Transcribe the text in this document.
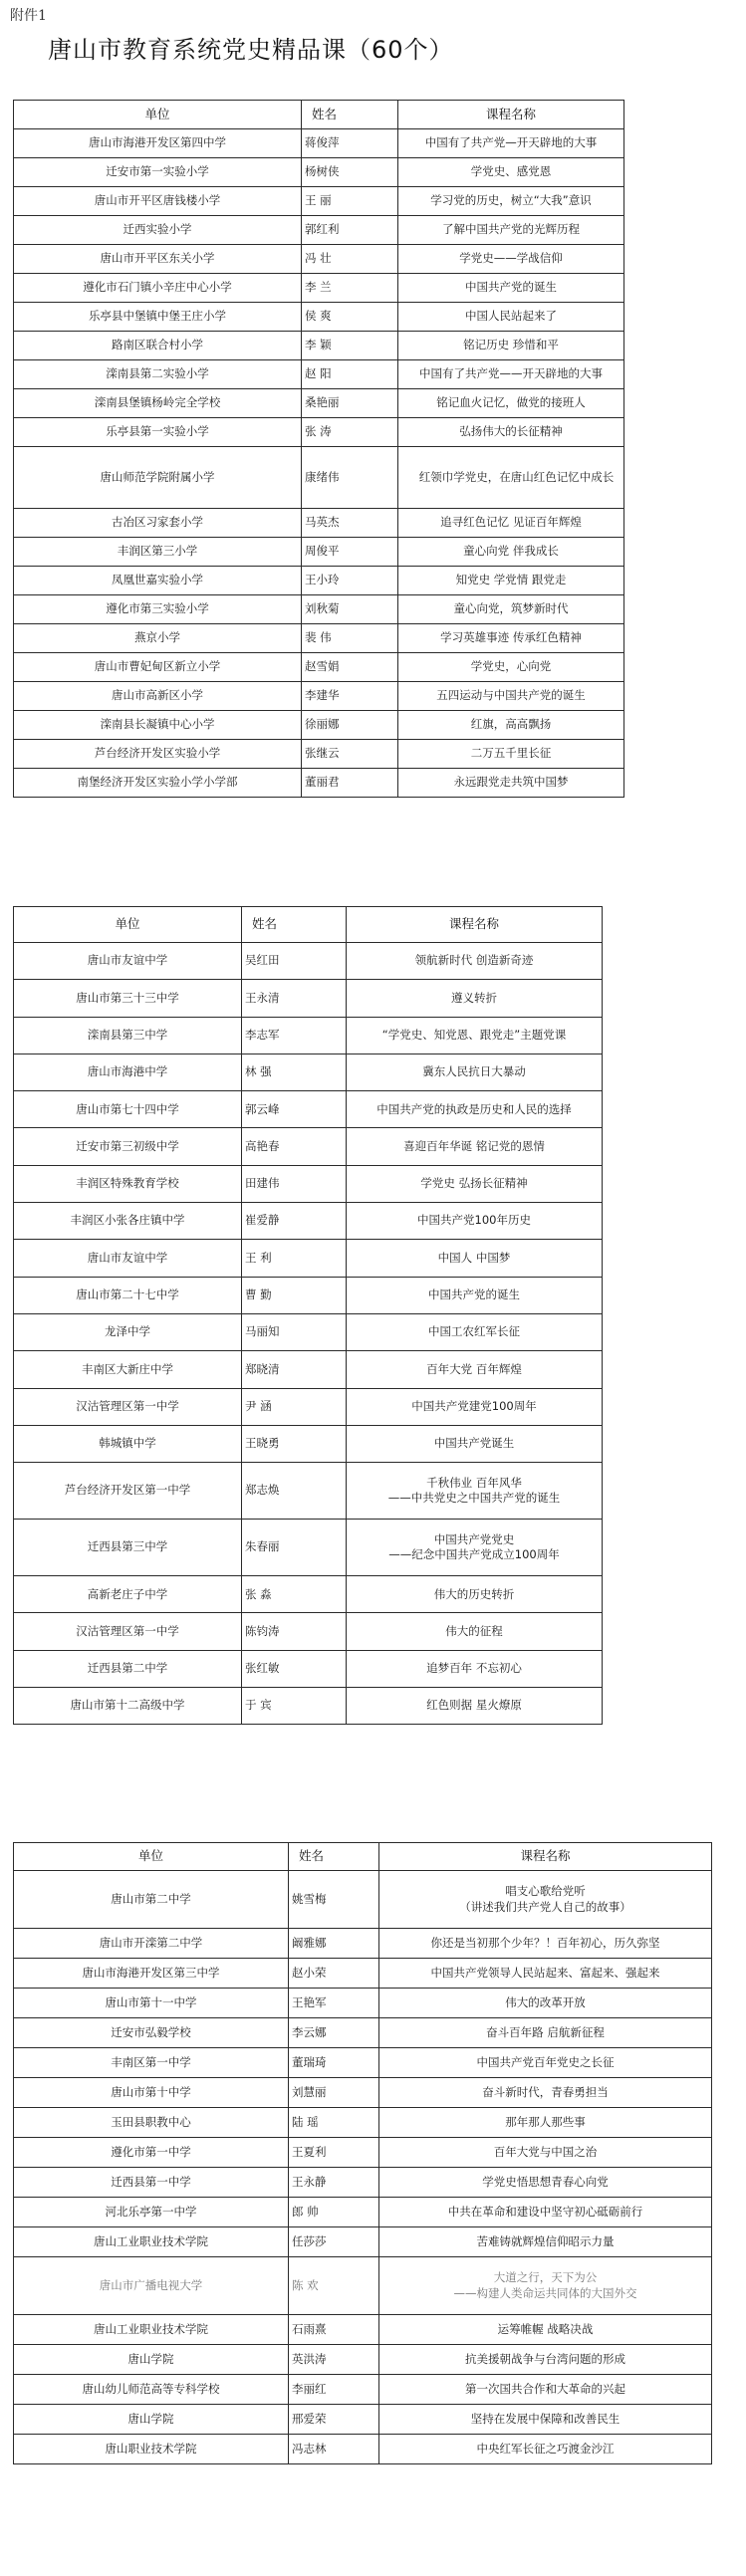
附件1
唐山市教育系统党史精品课（60个）
单位	姓名	课程名称
唐山市海港开发区第四中学	蒋俊萍	中国有了共产党—开天辟地的大事

迁安市第一实验小学	杨树侠	学党史、感党恩

唐山市开平区唐钱楼小学	王 丽	学习党的历史，树立“大我”意识

迁西实验小学	郭红利	了解中国共产党的光辉历程

唐山市开平区东关小学	冯 壮	学党史——学战信仰

遵化市石门镇小辛庄中心小学	李 兰	中国共产党的诞生

乐亭县中堡镇中堡王庄小学	侯 爽	中国人民站起来了

路南区联合村小学	李 颖	铭记历史 珍惜和平

滦南县第二实验小学	赵 阳	中国有了共产党——开天辟地的大事

滦南县堡镇杨岭完全学校	桑艳丽	铭记血火记忆，做党的接班人

乐亭县第一实验小学	张 涛	弘扬伟大的长征精神

唐山师范学院附属小学	康绪伟	红领巾学党史，在唐山红色记忆中成长

古冶区习家套小学	马英杰	追寻红色记忆 见证百年辉煌

丰润区第三小学	周俊平	童心向党 伴我成长

凤凰世嘉实验小学	王小玲	知党史 学党情 跟党走

遵化市第三实验小学	刘秋菊	童心向党，筑梦新时代

燕京小学	裴 伟	学习英雄事迹 传承红色精神

唐山市曹妃甸区新立小学	赵雪娟	学党史，心向党

唐山市高新区小学	李建华	五四运动与中国共产党的诞生

滦南县长凝镇中心小学	徐丽娜	红旗，高高飘扬

芦台经济开发区实验小学	张继云	二万五千里长征

南堡经济开发区实验小学小学部	董丽君	永远跟党走共筑中国梦
单位	姓名	课程名称
唐山市友谊中学	吴红田	领航新时代 创造新奇迹

唐山市第三十三中学	王永清	遵义转折

滦南县第三中学	李志军	“学党史、知党恩、跟党走”主题党课

唐山市海港中学	林 强	冀东人民抗日大暴动

唐山市第七十四中学	郭云峰	中国共产党的执政是历史和人民的选择

迁安市第三初级中学	高艳春	喜迎百年华诞 铭记党的恩情

丰润区特殊教育学校	田建伟	学党史 弘扬长征精神

丰润区小张各庄镇中学	崔爱静	中国共产党100年历史

唐山市友谊中学	王 利	中国人 中国梦

唐山市第二十七中学	曹 勤	中国共产党的诞生

龙泽中学	马丽知	中国工农红军长征

丰南区大新庄中学	郑晓清	百年大党 百年辉煌

汉沽管理区第一中学	尹 涵	中国共产党建党100周年

韩城镇中学	王晓勇	中国共产党诞生

芦台经济开发区第一中学	郑志焕	千秋伟业 百年风华
——中共党史之中国共产党的诞生

迁西县第三中学	朱春丽	中国共产党党史
——纪念中国共产党成立100周年

高新老庄子中学	张 淼	伟大的历史转折

汉沽管理区第一中学	陈钧涛	伟大的征程

迁西县第二中学	张红敏	追梦百年 不忘初心

唐山市第十二高级中学	于 宾	红色则据 星火燎原
单位	姓名	课程名称
唐山市第二中学	姚雪梅	唱支心歌给党听
（讲述我们共产党人自己的故事）

唐山市开滦第二中学	阚雅娜	你还是当初那个少年？！百年初心，历久弥坚

唐山市海港开发区第三中学	赵小荣	中国共产党领导人民站起来、富起来、强起来

唐山市第十一中学	王艳军	伟大的改革开放

迁安市弘毅学校	李云娜	奋斗百年路 启航新征程

丰南区第一中学	董瑞琦	中国共产党百年党史之长征

唐山市第十中学	刘慧丽	奋斗新时代，青春勇担当

玉田县职教中心	陆 瑶	那年那人那些事

遵化市第一中学	王夏利	百年大党与中国之治

迁西县第一中学	王永静	学党史悟思想青春心向党

河北乐亭第一中学	郎 帅	中共在革命和建设中坚守初心砥砺前行

唐山工业职业技术学院	任莎莎	苦难铸就辉煌信仰昭示力量

唐山市广播电视大学	陈 欢	大道之行，天下为公
——构建人类命运共同体的大国外交

唐山工业职业技术学院	石雨熹	运筹帷幄 战略决战

唐山学院	英洪涛	抗美援朝战争与台湾问题的形成

唐山幼儿师范高等专科学校	李丽红	第一次国共合作和大革命的兴起

唐山学院	邢爱荣	坚持在发展中保障和改善民生

唐山职业技术学院	冯志林	中央红军长征之巧渡金沙江
